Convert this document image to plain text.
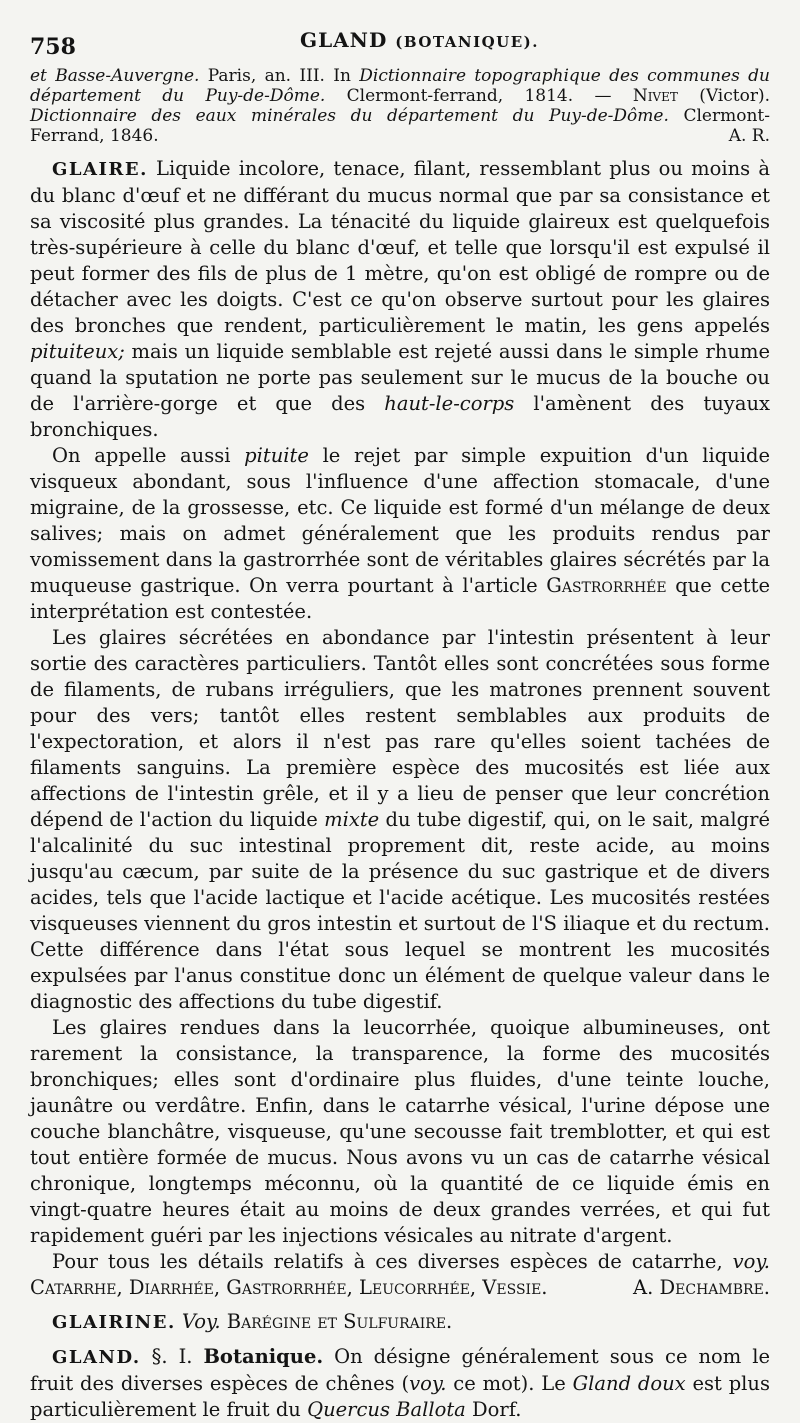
758	GLAND (BOTANIQUE).
et Basse-Auvergne. Paris, an. III. In Dictionnaire topographique des communes du département du Puy-de-Dôme. Clermont-ferrand, 1814. — Nivet (Victor). Dictionnaire des eaux minérales du département du Puy-de-Dôme. Clermont-Ferrand, 1846.	A. R.

GLAIRE. Liquide incolore, tenace, filant, ressemblant plus ou moins à du blanc d'œuf et ne différant du mucus normal que par sa consistance et sa viscosité plus grandes. La ténacité du liquide glaireux est quelquefois très-supérieure à celle du blanc d'œuf, et telle que lorsqu'il est expulsé il peut former des fils de plus de 1 mètre, qu'on est obligé de rompre ou de détacher avec les doigts. C'est ce qu'on observe surtout pour les glaires des bronches que rendent, particulièrement le matin, les gens appelés pituiteux; mais un liquide semblable est rejeté aussi dans le simple rhume quand la sputation ne porte pas seulement sur le mucus de la bouche ou de l'arrière-gorge et que des haut-le-corps l'amènent des tuyaux bronchiques.

On appelle aussi pituite le rejet par simple expuition d'un liquide visqueux abondant, sous l'influence d'une affection stomacale, d'une migraine, de la grossesse, etc. Ce liquide est formé d'un mélange de deux salives; mais on admet généralement que les produits rendus par vomissement dans la gastrorrhée sont de véritables glaires sécrétés par la muqueuse gastrique. On verra pourtant à l'article Gastrorrhée que cette interprétation est contestée.

Les glaires sécrétées en abondance par l'intestin présentent à leur sortie des caractères particuliers. Tantôt elles sont concrétées sous forme de filaments, de rubans irréguliers, que les matrones prennent souvent pour des vers; tantôt elles restent semblables aux produits de l'expectoration, et alors il n'est pas rare qu'elles soient tachées de filaments sanguins. La première espèce des mucosités est liée aux affections de l'intestin grêle, et il y a lieu de penser que leur concrétion dépend de l'action du liquide mixte du tube digestif, qui, on le sait, malgré l'alcalinité du suc intestinal proprement dit, reste acide, au moins jusqu'au cæcum, par suite de la présence du suc gastrique et de divers acides, tels que l'acide lactique et l'acide acétique. Les mucosités restées visqueuses viennent du gros intestin et surtout de l'S iliaque et du rectum. Cette différence dans l'état sous lequel se montrent les mucosités expulsées par l'anus constitue donc un élément de quelque valeur dans le diagnostic des affections du tube digestif.

Les glaires rendues dans la leucorrhée, quoique albumineuses, ont rarement la consistance, la transparence, la forme des mucosités bronchiques; elles sont d'ordinaire plus fluides, d'une teinte louche, jaunâtre ou verdâtre. Enfin, dans le catarrhe vésical, l'urine dépose une couche blanchâtre, visqueuse, qu'une secousse fait tremblotter, et qui est tout entière formée de mucus. Nous avons vu un cas de catarrhe vésical chronique, longtemps méconnu, où la quantité de ce liquide émis en vingt-quatre heures était au moins de deux grandes verrées, et qui fut rapidement guéri par les injections vésicales au nitrate d'argent.

Pour tous les détails relatifs à ces diverses espèces de catarrhe, voy. Catarrhe, Diarrhée, Gastrorrhée, Leucorrhée, Vessie.	A. Dechambre.

GLAIRINE. Voy. Barégine et Sulfuraire.

GLAND. §. I. Botanique. On désigne généralement sous ce nom le fruit des diverses espèces de chênes (voy. ce mot). Le Gland doux est plus particulièrement le fruit du Quercus Ballota Dorf.
